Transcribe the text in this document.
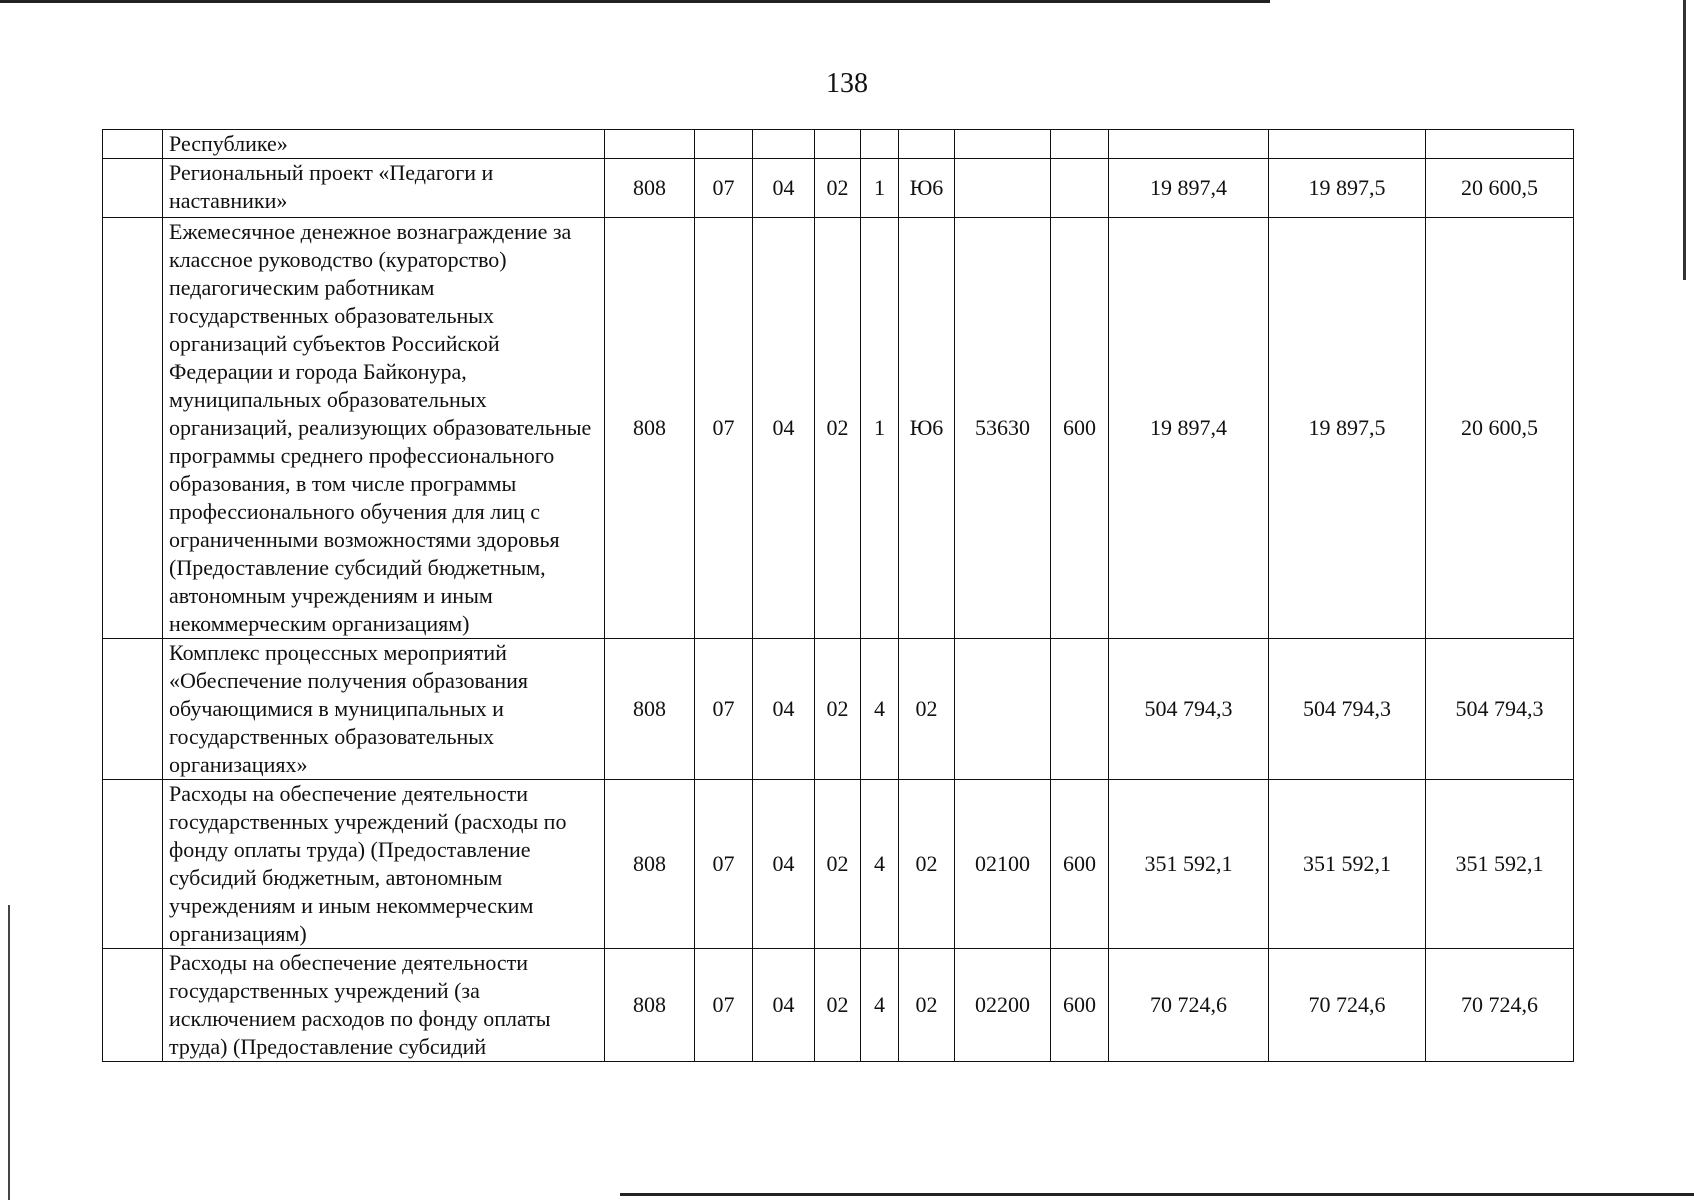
138
	Республике»											
	Региональный проект «Педагоги и наставники»	808	07	04	02	1	Ю6			19 897,4	19 897,5	20 600,5
	Ежемесячное денежное вознаграждение за классное руководство (кураторство) педагогическим работникам государственных образовательных организаций субъектов Российской Федерации и города Байконура, муниципальных образовательных организаций, реализующих образовательные программы среднего профессионального образования, в том числе программы профессионального обучения для лиц с ограниченными возможностями здоровья (Предоставление субсидий бюджетным, автономным учреждениям и иным некоммерческим организациям)	808	07	04	02	1	Ю6	53630	600	19 897,4	19 897,5	20 600,5
	Комплекс процессных мероприятий «Обеспечение получения образования обучающимися в муниципальных и государственных образовательных организациях»	808	07	04	02	4	02			504 794,3	504 794,3	504 794,3
	Расходы на обеспечение деятельности государственных учреждений (расходы по фонду оплаты труда) (Предоставление субсидий бюджетным, автономным учреждениям и иным некоммерческим организациям)	808	07	04	02	4	02	02100	600	351 592,1	351 592,1	351 592,1
	Расходы на обеспечение деятельности государственных учреждений (за исключением расходов по фонду оплаты труда) (Предоставление субсидий	808	07	04	02	4	02	02200	600	70 724,6	70 724,6	70 724,6
